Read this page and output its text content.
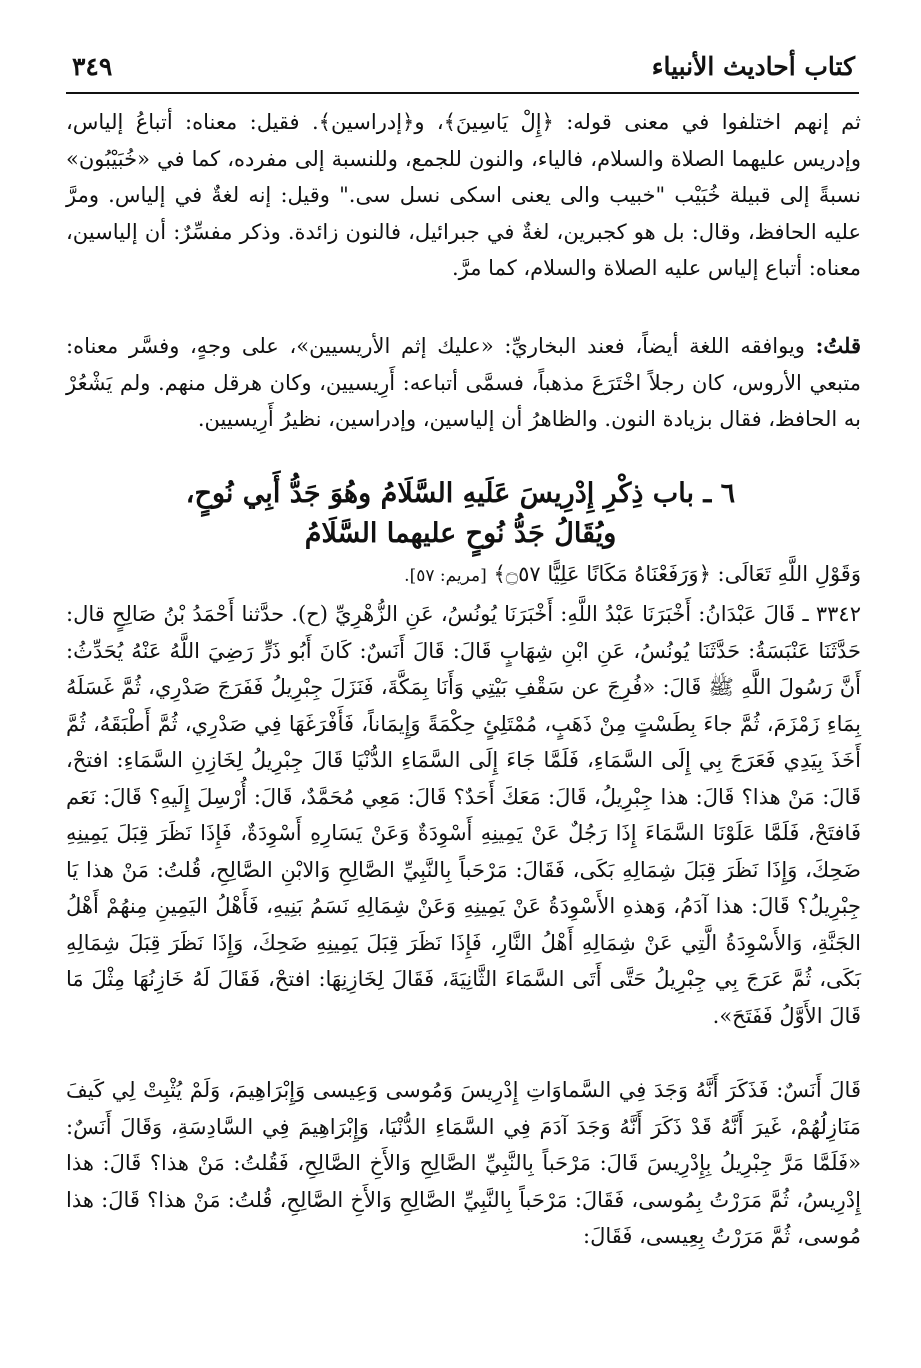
كتاب أحاديث الأنبياء
٣٤٩

ثم إنهم اختلفوا في معنى قوله: ﴿إِلْ يَاسِينَ﴾، و﴿إدراسين﴾. فقيل: معناه: أتباعُ إلياس، وإدريس عليهما الصلاة والسلام، فالياء، والنون للجمع، وللنسبة إلى مفرده، كما في «خُبَيْبُون» نسبةً إلى قبيلة خُبَيْب "خبيب والى يعنى اسكى نسل سى." وقيل: إنه لغةٌ في إلياس. ومرَّ عليه الحافظ، وقال: بل هو كجبرين، لغةٌ في جبرائيل، فالنون زائدة. وذكر مفسِّرٌ: أن إلياسين، معناه: أتباع إلياس عليه الصلاة والسلام، كما مرَّ.

قلتُ: ويوافقه اللغة أيضاً، فعند البخاريِّ: «عليك إثم الأريسيين»، على وجهٍ، وفسَّر معناه: متبعي الأروس، كان رجلاً اخْتَرَعَ مذهباً، فسمَّى أتباعه: أَرِيسيين، وكان هرقل منهم. ولم يَشْعُرْ به الحافظ، فقال بزيادة النون. والظاهرُ أن إلياسين، وإدراسين، نظيرُ أَرِيسيين.

٦ ـ باب ذِكْرِ إِدْرِيسَ عَلَيهِ السَّلَامُ وهُوَ جَدُّ أَبِي نُوحٍ،
ويُقَالُ جَدُّ نُوحٍ عليهما السَّلَامُ
وَقَوْلِ اللَّهِ تَعَالَى: ﴿وَرَفَعْنَاهُ مَكَانًا عَلِيًّا ۝٥٧﴾ [مريم: ٥٧].

٣٣٤٢ ـ قَالَ عَبْدَانُ: أَخْبَرَنَا عَبْدُ اللَّهِ: أَخْبَرَنَا يُونُسُ، عَنِ الزُّهْرِيِّ (ح). حدَّثنا أَحْمَدُ بْنُ صَالِحٍ قال: حَدَّثَنَا عَنْبَسَةُ: حَدَّثَنَا يُونُسُ، عَنِ ابْنِ شِهَابٍ قَالَ: قَالَ أَنَسٌ: كَانَ أَبُو ذَرٍّ رَضِيَ اللَّهُ عَنْهُ يُحَدِّثُ: أَنَّ رَسُولَ اللَّهِ ﷺ قَالَ: «فُرِجَ عن سَقْفِ بَيْتِي وَأَنَا بِمَكَّةَ، فَنَزَلَ جِبْرِيلُ فَفَرَجَ صَدْرِي، ثُمَّ غَسَلَهُ بِمَاءِ زَمْزَمَ، ثُمَّ جاءَ بِطَسْتٍ مِنْ ذَهَبٍ، مُمْتَلِئٍ حِكْمَةً وَإِيمَاناً، فَأَفْرَغَهَا فِي صَدْرِي، ثُمَّ أَطْبَقَهُ، ثُمَّ أَخَذَ بِيَدِي فَعَرَجَ بِي إِلَى السَّمَاءِ، فَلَمَّا جَاءَ إِلَى السَّمَاءِ الدُّنْيَا قَالَ جِبْرِيلُ لِخَازِنِ السَّمَاءِ: افتحْ، قَالَ: مَنْ هذا؟ قَالَ: هذا جِبْرِيلُ، قَالَ: مَعَكَ أَحَدٌ؟ قَالَ: مَعِي مُحَمَّدٌ، قَالَ: أُرْسِلَ إِلَيهِ؟ قَالَ: نَعَم فَافتَحْ، فَلَمَّا عَلَوْنَا السَّمَاءَ إِذَا رَجُلٌ عَنْ يَمِينِهِ أَسْوِدَةٌ وَعَنْ يَسَارِهِ أَسْوِدَةٌ، فَإِذَا نَظَرَ قِبَلَ يَمِينِهِ ضَحِكَ، وَإِذَا نَظَرَ قِبَلَ شِمَالِهِ بَكَى، فَقَالَ: مَرْحَباً بِالنَّبِيِّ الصَّالِحِ وَالابْنِ الصَّالِحِ، قُلتُ: مَنْ هذا يَا جِبْرِيلُ؟ قَالَ: هذا آدَمُ، وَهذهِ الأَسْوِدَةُ عَنْ يَمِينِهِ وَعَنْ شِمَالِهِ نَسَمُ بَنِيهِ، فَأَهْلُ اليَمِينِ مِنهُمْ أَهْلُ الجَنَّةِ، وَالأَسْوِدَةُ الَّتِي عَنْ شِمَالِهِ أَهْلُ النَّارِ، فَإِذَا نَظَرَ قِبَلَ يَمِينِهِ ضَحِكَ، وَإِذَا نَظَرَ قِبَلَ شِمَالِهِ بَكَى، ثُمَّ عَرَجَ بِي جِبْرِيلُ حَتَّى أَتَى السَّمَاءَ الثَّانِيَةَ، فَقَالَ لِخَازِنِهَا: افتحْ، فَقَالَ لَهُ خَازِنُهَا مِثْلَ مَا قَالَ الأَوَّلُ فَفَتَحَ».

قَالَ أَنَسٌ: فَذَكَرَ أَنَّهُ وَجَدَ فِي السَّماوَاتِ إِدْرِيسَ وَمُوسى وَعِيسى وَإِبْرَاهِيمَ، وَلَمْ يُثْبِتْ لِي كَيفَ مَنَازِلُهُمْ، غَيرَ أَنَّهُ قَدْ ذَكَرَ أَنَّهُ وَجَدَ آدَمَ فِي السَّمَاءِ الدُّنْيَا، وَإِبْرَاهِيمَ فِي السَّادِسَةِ، وَقَالَ أَنَسٌ: «فَلَمَّا مَرَّ جِبْرِيلُ بِإِدْرِيسَ قَالَ: مَرْحَباً بِالنَّبِيِّ الصَّالِحِ وَالأَخِ الصَّالِحِ، فَقُلتُ: مَنْ هذا؟ قَالَ: هذا إِدْرِيسُ، ثُمَّ مَرَرْتُ بِمُوسى، فَقَالَ: مَرْحَباً بِالنَّبِيِّ الصَّالِحِ وَالأَخِ الصَّالِحِ، قُلتُ: مَنْ هذا؟ قَالَ: هذا مُوسى، ثُمَّ مَرَرْتُ بِعِيسى، فَقَالَ:
